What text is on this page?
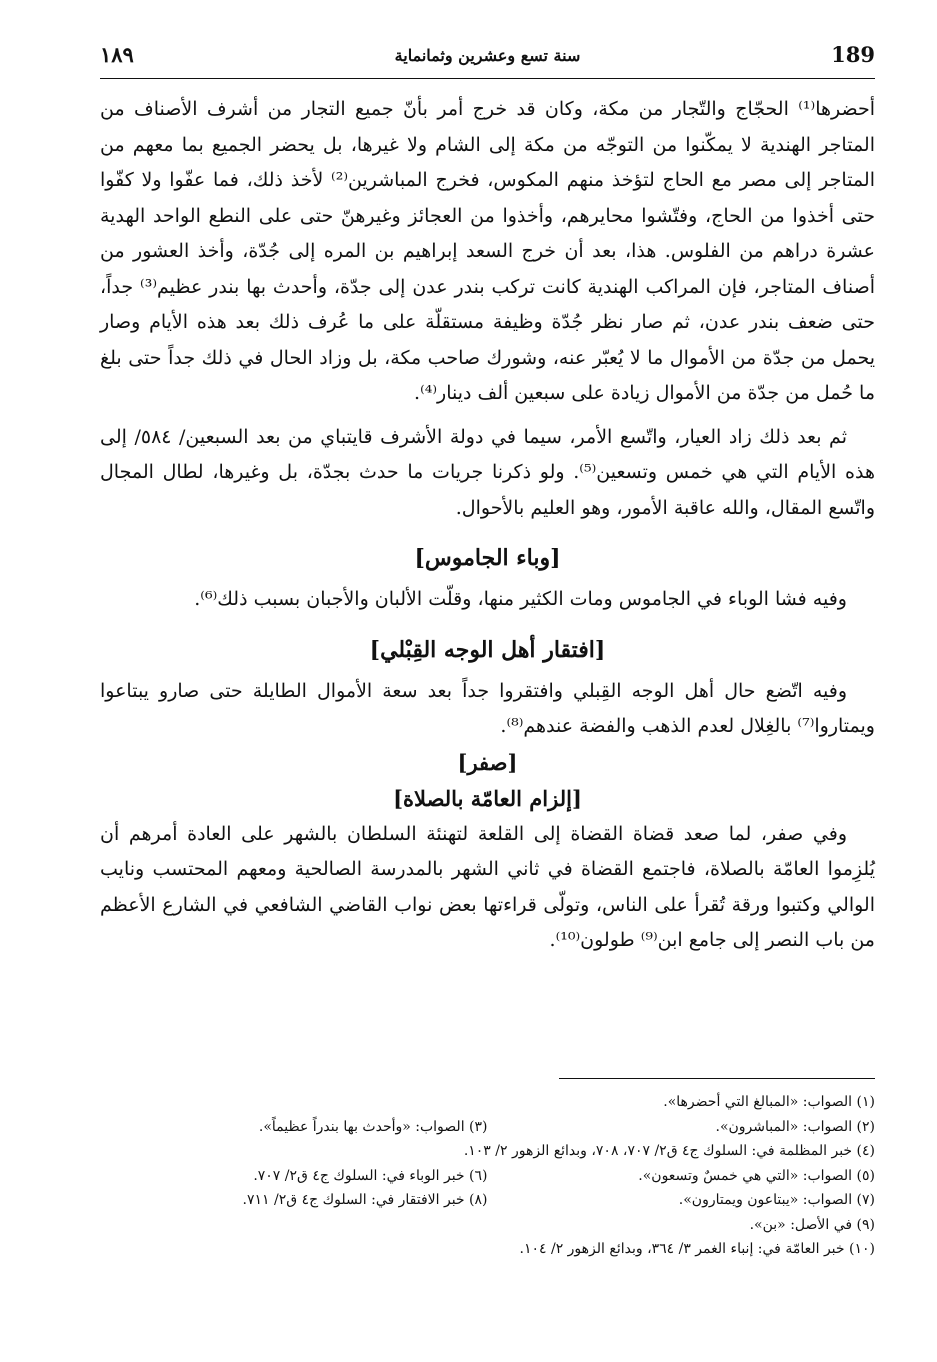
189
سنة تسع وعشرين وثمانماية
١٨٩

أحضرها⁽¹⁾ الحجّاج والتّجار من مكة، وكان قد خرج أمر بأنّ جميع التجار من أشرف الأصناف من المتاجر الهندية لا يمكّنوا من التوجّه من مكة إلى الشام ولا غيرها، بل يحضر الجميع بما معهم من المتاجر إلى مصر مع الحاج لتؤخذ منهم المكوس، فخرج المباشرين⁽²⁾ لأخذ ذلك، فما عفّوا ولا كفّوا حتى أخذوا من الحاج، وفتّشوا محايرهم، وأخذوا من العجائز وغيرهنّ حتى على النطع الواحد الهدية عشرة دراهم من الفلوس. هذا، بعد أن خرج السعد إبراهيم بن المره إلى جُدّة، وأخذ العشور من أصناف المتاجر، فإن المراكب الهندية كانت تركب بندر عدن إلى جدّة، وأحدث بها بندر عظيم⁽³⁾ جداً، حتى ضعف بندر عدن، ثم صار نظر جُدّة وظيفة مستقلّة على ما عُرف ذلك بعد هذه الأيام وصار يحمل من جدّة من الأموال ما لا يُعبّر عنه، وشورك صاحب مكة، بل وزاد الحال في ذلك جداً حتى بلغ ما حُمل من جدّة من الأموال زيادة على سبعين ألف دينار⁽⁴⁾.

ثم بعد ذلك زاد العيار، واتّسع الأمر، سيما في دولة الأشرف قايتباي من بعد السبعين/ ٥٨٤/ إلى هذه الأيام التي هي خمس وتسعين⁽⁵⁾. ولو ذكرنا جريات ما حدث بجدّة، بل وغيرها، لطال المجال واتّسع المقال، والله عاقبة الأمور، وهو العليم بالأحوال.

[وباء الجاموس]

وفيه فشا الوباء في الجاموس ومات الكثير منها، وقلّت الألبان والأجبان بسبب ذلك⁽⁶⁾.

[افتقار أهل الوجه القِبْلي]

وفيه اتّضع حال أهل الوجه القِبلي وافتقروا جداً بعد سعة الأموال الطايلة حتى صارو يبتاعوا ويمتاروا⁽⁷⁾ بالغِلال لعدم الذهب والفضة عندهم⁽⁸⁾.

[صفر]
[إلزام العامّة بالصلاة]

وفي صفر، لما صعد قضاة القضاة إلى القلعة لتهنئة السلطان بالشهر على العادة أمرهم أن يُلزِموا العامّة بالصلاة، فاجتمع القضاة في ثاني الشهر بالمدرسة الصالحية ومعهم المحتسب ونايب الوالي وكتبوا ورقة تُقرأ على الناس، وتولّى قراءتها بعض نواب القاضي الشافعي في الشارع الأعظم من باب النصر إلى جامع ابن⁽⁹⁾ طولون⁽¹⁰⁾.

(١) الصواب: «المبالغ التي أحضرها».
(٢) الصواب: «المباشرون».
(٣) الصواب: «وأحدث بها بندراً عظيماً».
(٤) خبر المظلمة في: السلوك ج٤ ق٢/ ٧٠٧، ٧٠٨، وبدائع الزهور ٢/ ١٠٣.
(٥) الصواب: «التي هي خمسٌ وتسعون».
(٦) خبر الوباء في: السلوك ج٤ ق٢/ ٧٠٧.
(٧) الصواب: «يبتاعون ويمتارون».
(٨) خبر الافتقار في: السلوك ج٤ ق٢/ ٧١١.
(٩) في الأصل: «بن».
(١٠) خبر العامّة في: إنباء الغمر ٣/ ٣٦٤، وبدائع الزهور ٢/ ١٠٤.
